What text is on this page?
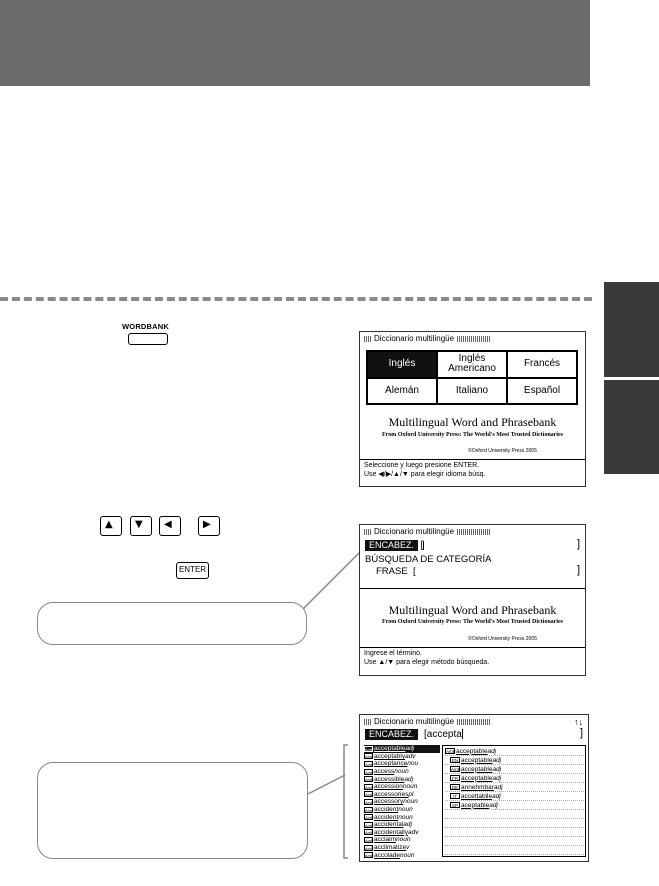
WORDBANK
▲ ▼ ◀	▶
ENTER
Diccionario multilingüe
Inglés	Inglés Americano	Francés
Alemán	Italiano	Español
Multilingual Word and Phrasebank
From Oxford University Press: The World's Most Trusted Dictionaries
©Oxford University Press 2005
Seleccione y luego presione ENTER.
Use ◀/▶/▲/▼ para elegir idioma búsq.
Diccionario multilingüe
ENCABEZ. [	]
BÚSQUEDA DE CATEGORÍA
FRASE  [	]
Multilingual Word and Phrasebank
From Oxford University Press: The World's Most Trusted Dictionaries
©Oxford University Press 2005
Ingrese el término.
Use ▲/▼ para elegir método búsqueda.
Diccionario multilingüe	↑↓
ENCABEZ. [accepta	]
AmE acceptable adj
AmE acceptably adv
AmE acceptance nou
AmE access noun
AmE accessible adj
AmE accession noun
AmE accessories pl
AmE accessory noun
AmE accident noun
AmE accident noun
AmE accidental adj
AmE accidentally adv
AmE acclaim noun
AmE acclimatize v
AmE accolade noun
AmE acceptable adj
EN acceptable adj
AmE acceptable adj
FR acceptable adj
DE annehmbar adj
IT accettabile adj
SP aceptable adj
